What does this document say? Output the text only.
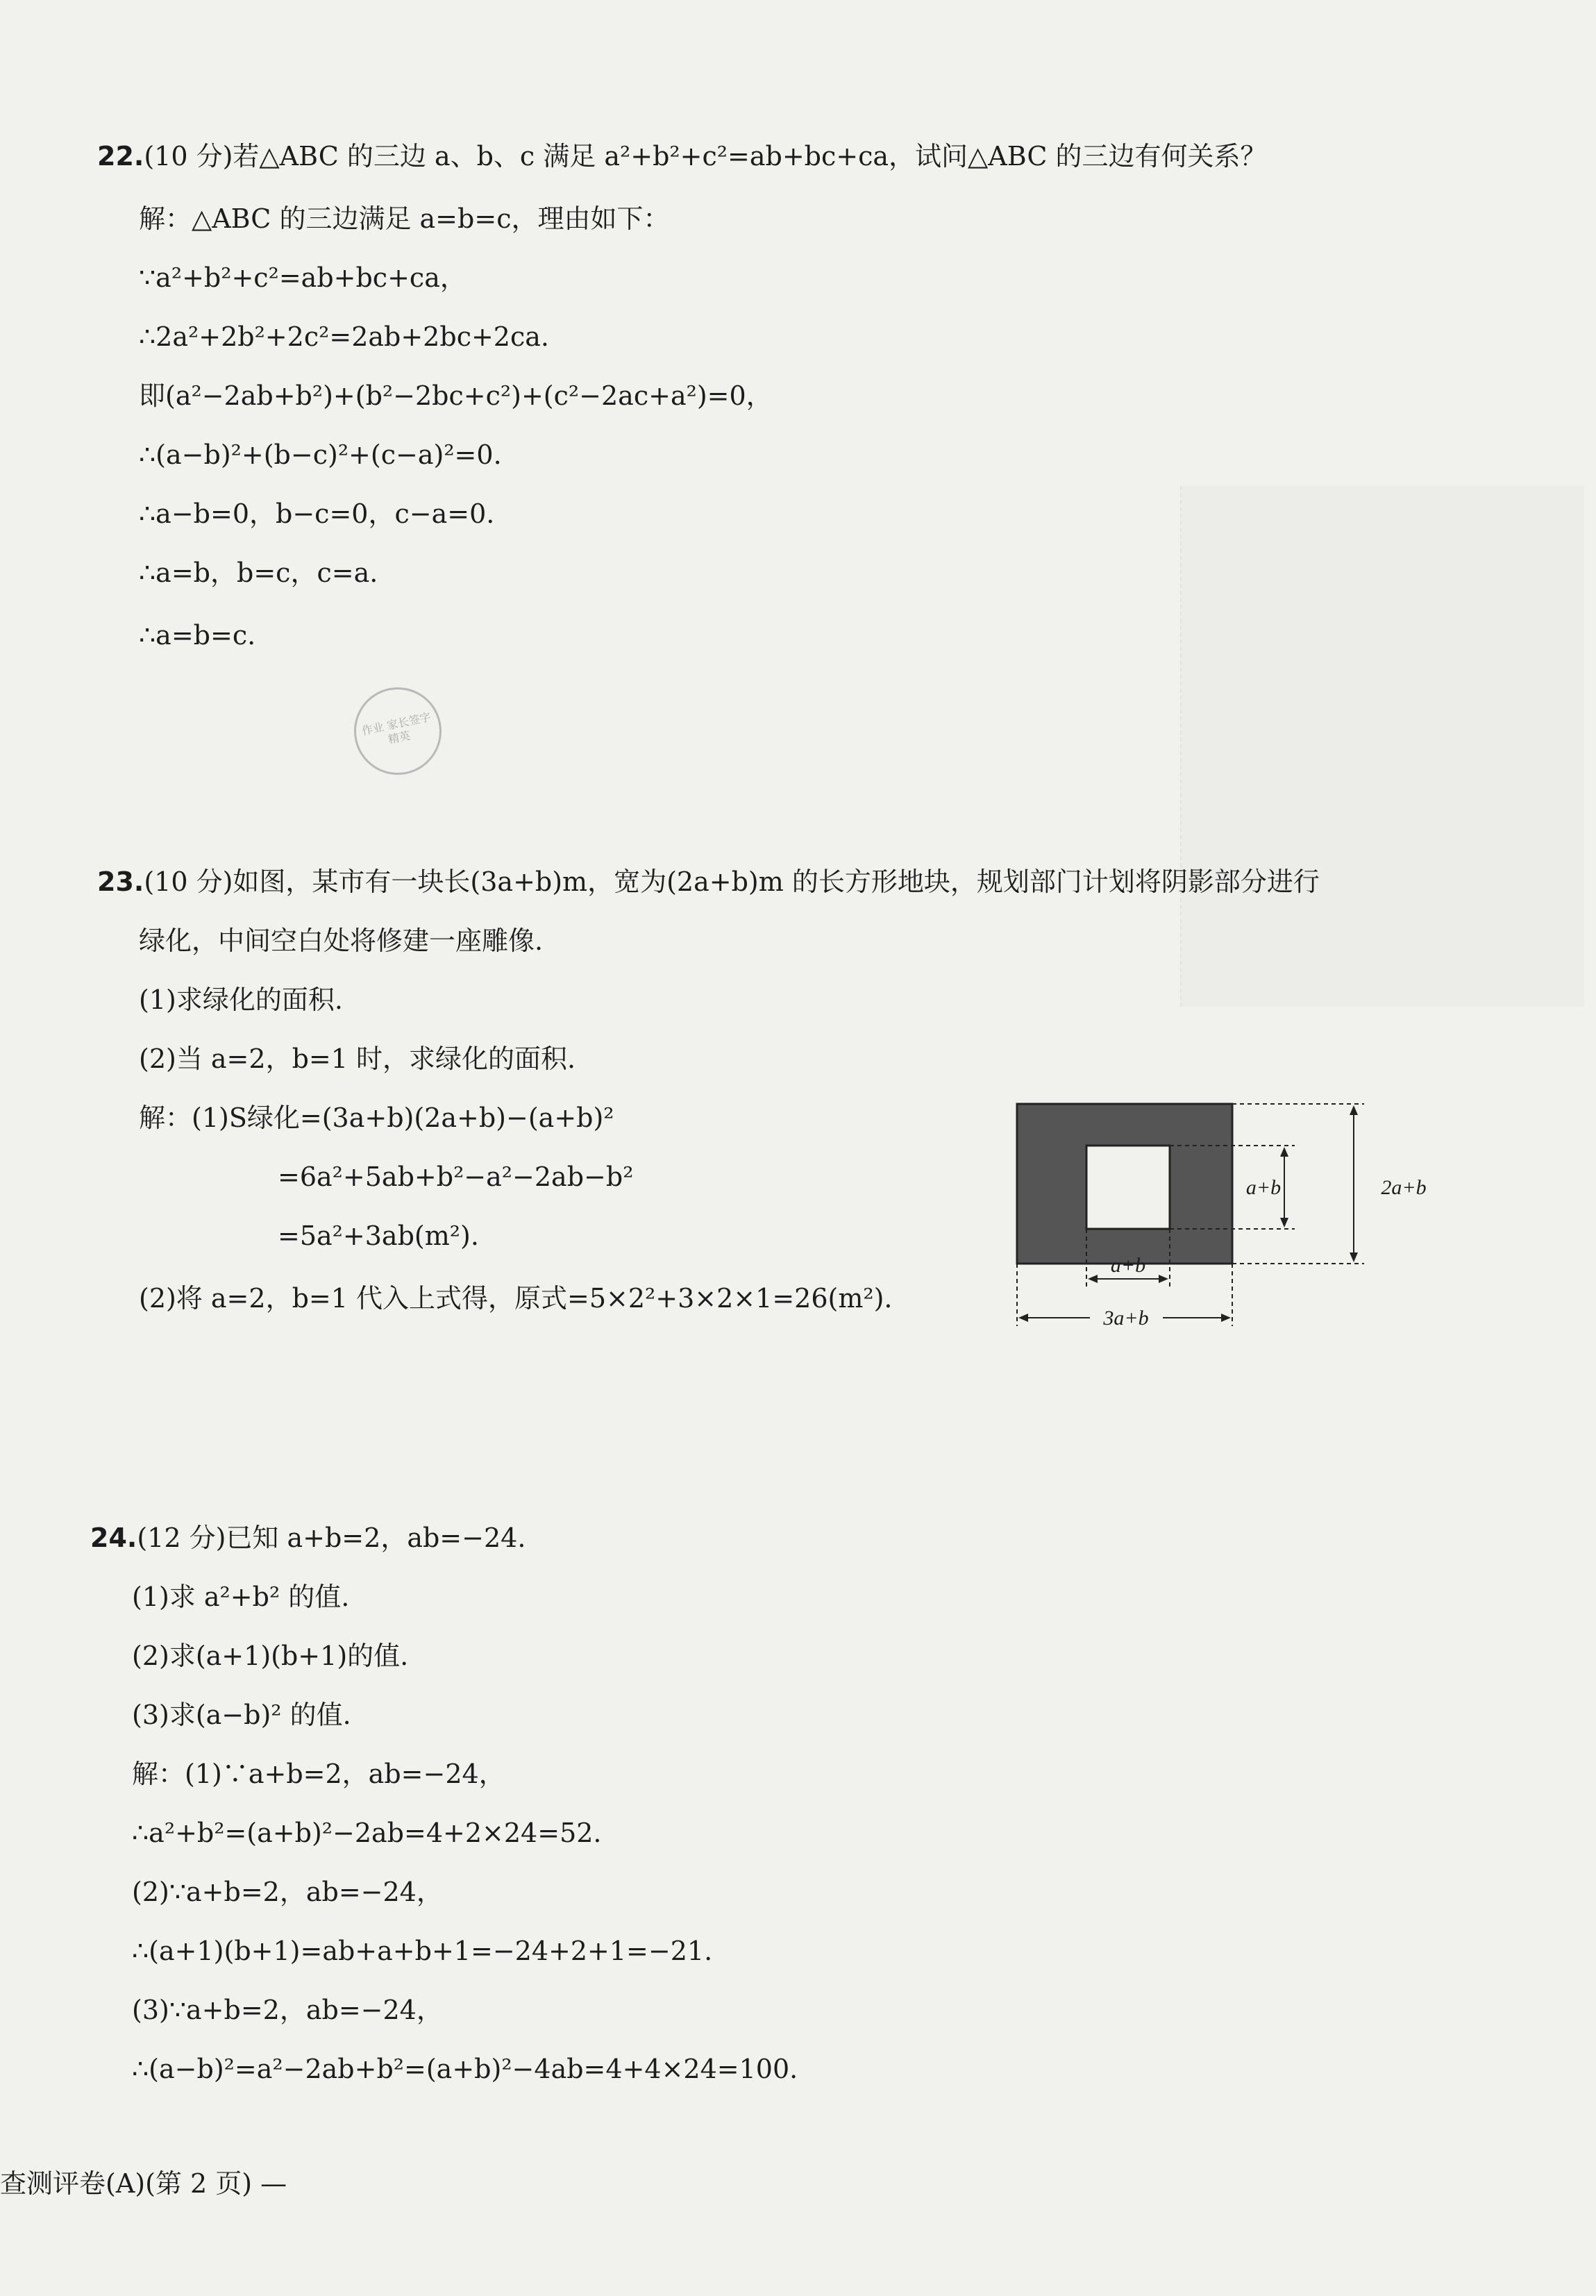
22.(10 分)若△ABC 的三边 a、b、c 满足 a²+b²+c²=ab+bc+ca，试问△ABC 的三边有何关系？
解：△ABC 的三边满足 a=b=c，理由如下：
∵a²+b²+c²=ab+bc+ca，
∴2a²+2b²+2c²=2ab+2bc+2ca.
即(a²−2ab+b²)+(b²−2bc+c²)+(c²−2ac+a²)=0，
∴(a−b)²+(b−c)²+(c−a)²=0.
∴a−b=0，b−c=0，c−a=0.
∴a=b，b=c，c=a.
∴a=b=c.
作业 家长签字 精英
23.(10 分)如图，某市有一块长(3a+b)m，宽为(2a+b)m 的长方形地块，规划部门计划将阴影部分进行
绿化，中间空白处将修建一座雕像.
(1)求绿化的面积.
(2)当 a=2，b=1 时，求绿化的面积.
解：(1)S绿化=(3a+b)(2a+b)−(a+b)²
=6a²+5ab+b²−a²−2ab−b²
=5a²+3ab(m²).
(2)将 a=2，b=1 代入上式得，原式=5×2²+3×2×1=26(m²).
a+b	2a+b
a+b
3a+b
24.(12 分)已知 a+b=2，ab=−24.
(1)求 a²+b² 的值.
(2)求(a+1)(b+1)的值.
(3)求(a−b)² 的值.
解：(1)∵a+b=2，ab=−24，
∴a²+b²=(a+b)²−2ab=4+2×24=52.
(2)∵a+b=2，ab=−24，
∴(a+1)(b+1)=ab+a+b+1=−24+2+1=−21.
(3)∵a+b=2，ab=−24，
∴(a−b)²=a²−2ab+b²=(a+b)²−4ab=4+4×24=100.
查测评卷(A)(第 2 页) —
